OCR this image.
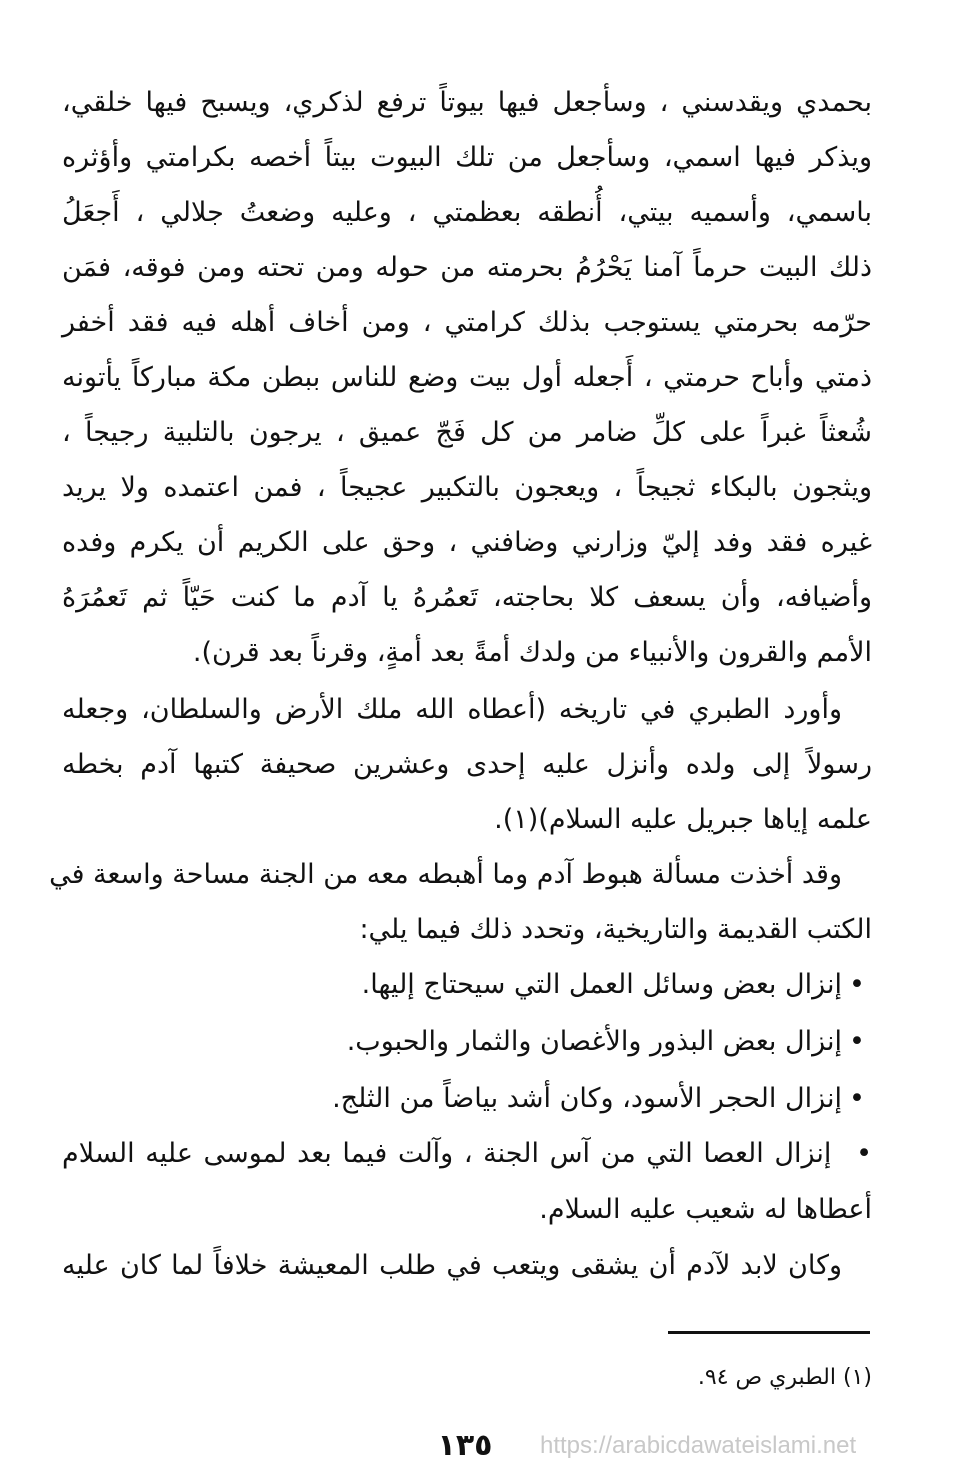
بحمدي ويقدسني ، وسأجعل فيها بيوتاً ترفع لذكري، ويسبح فيها خلقي،
ويذكر فيها اسمي، وسأجعل من تلك البيوت بيتاً أخصه بكرامتي وأؤثره
باسمي، وأسميه بيتي، أُنطقه بعظمتي ، وعليه وضعتُ جلالي ، أَجعَلُ
ذلك البيت حرماً آمنا يَحْرُمُ بحرمته من حوله ومن تحته ومن فوقه، فمَن
حرّمه بحرمتي يستوجب بذلك كرامتي ، ومن أخاف أهله فيه فقد أخفر
ذمتي وأباح حرمتي ، أَجعله أول بيت وضع للناس ببطن مكة مباركاً يأتونه
شُعثاً غبراً على كلِّ ضامر من كل فَجّ عميق ، يرجون بالتلبية رجيجاً ،
ويثجون بالبكاء ثجيجاً ، ويعجون بالتكبير عجيجاً ، فمن اعتمده ولا يريد
غيره فقد وفد إليّ وزارني وضافني ، وحق على الكريم أن يكرم وفده
وأضيافه، وأن يسعف كلا بحاجته، تَعمُرهُ يا آدم ما كنت حَيّاً ثم تَعمُرَهُ
الأمم والقرون والأنبياء من ولدك أمةً بعد أمةٍ، وقرناً بعد قرن).
وأورد الطبري في تاريخه (أعطاه الله ملك الأرض والسلطان، وجعله
رسولاً إلى ولده وأنزل عليه إحدى وعشرين صحيفة كتبها آدم بخطه
علمه إياها جبريل عليه السلام)(١).
وقد أخذت مسألة هبوط آدم وما أهبطه معه من الجنة مساحة واسعة في
الكتب القديمة والتاريخية، وتحدد ذلك فيما يلي:
•إنزال بعض وسائل العمل التي سيحتاج إليها.
•إنزال بعض البذور والأغصان والثمار والحبوب.
•إنزال الحجر الأسود، وكان أشد بياضاً من الثلج.
• إنزال العصا التي من آس الجنة ، وآلت فيما بعد لموسى عليه السلام
أعطاها له شعيب عليه السلام.
وكان لابد لآدم أن يشقى ويتعب في طلب المعيشة خلافاً لما كان عليه
(١) الطبري ص ٩٤.
١٣٥	https://arabicdawateislami.net
